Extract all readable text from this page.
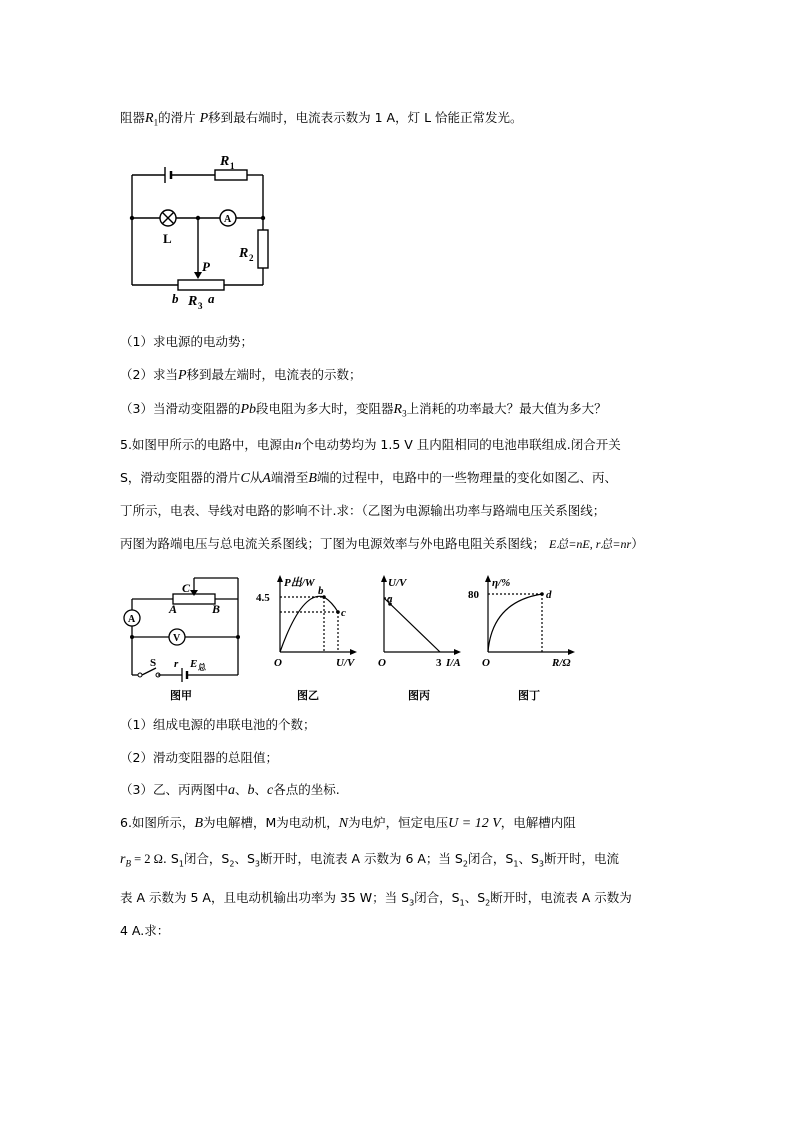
阻器$R_1$的滑片 P移到最右端时，电流表示数为 1 A，灯 L 恰能正常发光。
R 1
R 2
A
L
P
b R 3 a
（1）求电源的电动势；
（2）求当P移到最左端时，电流表的示数；
（3）当滑动变阻器的Pb段电阻为多大时，变阻器$R_3$上消耗的功率最大？最大值为多大？
5.如图甲所示的电路中，电源由n个电动势均为 1.5 V 且内阻相同的电池串联组成.闭合开关
S，滑动变阻器的滑片C从A端滑至B端的过程中，电路中的一些物理量的变化如图乙、丙、
丁所示，电表、导线对电路的影响不计.求：（乙图为电源输出功率与路端电压关系图线；
丙图为路端电压与总电流关系图线；丁图为电源效率与外电路电阻关系图线； E总=nE, r总=nr）
C
A	B
A
V
S r E 总
图甲
P出/W
4.5
b
c
O	U/V
图乙
U/V
a
O	3 I/A
图丙
η/%
80	d
O	R/Ω
图丁
（1）组成电源的串联电池的个数；
（2）滑动变阻器的总阻值；
（3）乙、丙两图中a、b、c各点的坐标.
6.如图所示，B为电解槽，M为电动机，N为电炉，恒定电压U = 12 V，电解槽内阻
$r_B = 2$ Ω. $S_1$闭合，$S_2$、$S_3$断开时，电流表 A 示数为 6 A；当 $S_2$闭合，$S_1$、$S_3$断开时，电流
表 A 示数为 5 A，且电动机输出功率为 35 W；当 $S_3$闭合，$S_1$、$S_2$断开时，电流表 A 示数为
4 A.求：
